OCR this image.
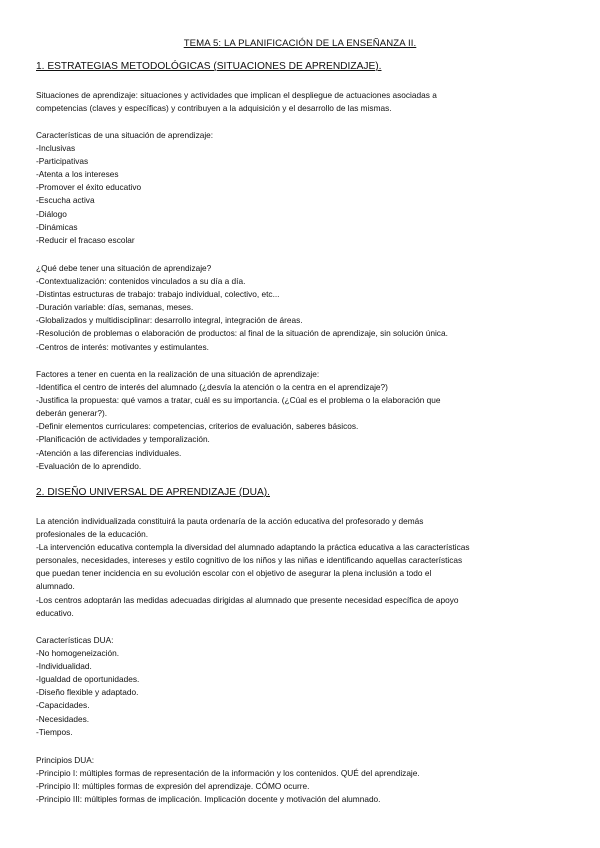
TEMA 5: LA PLANIFICACIÓN DE LA ENSEÑANZA II.
1. ESTRATEGIAS METODOLÓGICAS (SITUACIONES DE APRENDIZAJE).

Situaciones de aprendizaje: situaciones y actividades que implican el despliegue de actuaciones asociadas a

competencias (claves y específicas) y contribuyen a la adquisición y el desarrollo de las mismas.

Características de una situación de aprendizaje:

-Inclusivas
-Participativas
-Atenta a los intereses
-Promover el éxito educativo
-Escucha activa
-Diálogo
-Dinámicas
-Reducir el fracaso escolar

¿Qué debe tener una situación de aprendizaje?

-Contextualización: contenidos vinculados a su día a día.
-Distintas estructuras de trabajo: trabajo individual, colectivo, etc...
-Duración variable: días, semanas, meses.
-Globalizados y multidisciplinar: desarrollo integral, integración de áreas.
-Resolución de problemas o elaboración de productos: al final de la situación de aprendizaje, sin solución única.
-Centros de interés: motivantes y estimulantes.

Factores a tener en cuenta en la realización de una situación de aprendizaje:

-Identifica el centro de interés del alumnado (¿desvía la atención o la centra en el aprendizaje?)
-Justifica la propuesta: qué vamos a tratar, cuál es su importancia. (¿Cúal es el problema o la elaboración que
deberán generar?).
-Definir elementos curriculares: competencias, criterios de evaluación, saberes básicos.
-Planificación de actividades y temporalización.
-Atención a las diferencias individuales.
-Evaluación de lo aprendido.
2. DISEÑO UNIVERSAL DE APRENDIZAJE (DUA).

La atención individualizada constituirá la pauta ordenaría de la acción educativa del profesorado y demás

profesionales de la educación.

-La intervención educativa contempla la diversidad del alumnado adaptando la práctica educativa a las características

personales, necesidades, intereses y estilo cognitivo de los niños y las niñas e identificando aquellas características

que puedan tener incidencia en su evolución escolar con el objetivo de asegurar la plena inclusión a todo el

alumnado.

-Los centros adoptarán las medidas adecuadas dirigidas al alumnado que presente necesidad específica de apoyo

educativo.

Características DUA:

-No homogeneización.
-Individualidad.
-Igualdad de oportunidades.
-Diseño flexible y adaptado.
-Capacidades.
-Necesidades.
-Tiempos.

Principios DUA:

-Principio I: múltiples formas de representación de la información y los contenidos. QUÉ del aprendizaje.
-Principio II: múltiples formas de expresión del aprendizaje. CÓMO ocurre.
-Principio III: múltiples formas de implicación. Implicación docente y motivación del alumnado.
